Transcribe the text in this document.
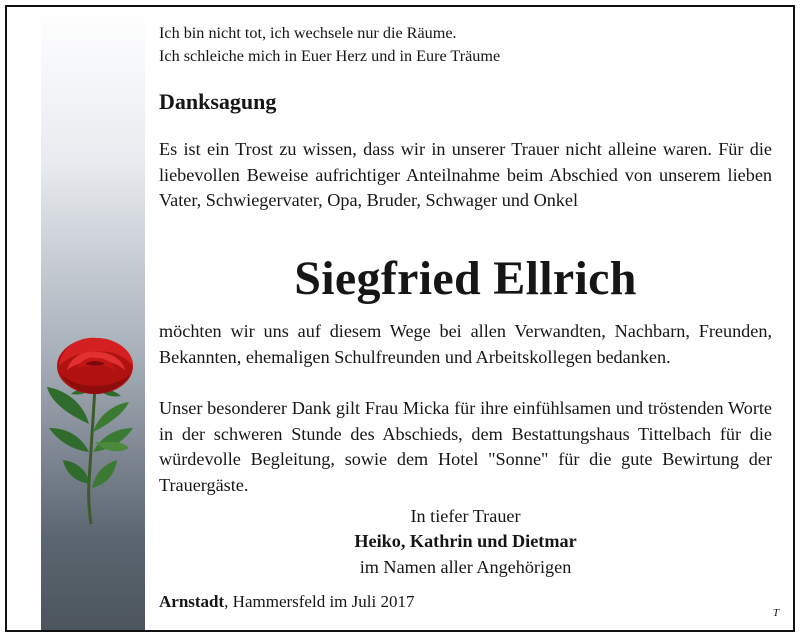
Ich bin nicht tot, ich wechsele nur die Räume.
Ich schleiche mich in Euer Herz und in Eure Träume
Danksagung
Es ist ein Trost zu wissen, dass wir in unserer Trauer nicht alleine waren. Für die liebevollen Beweise aufrichtiger Anteilnahme beim Abschied von unserem lieben Vater, Schwiegervater, Opa, Bruder, Schwager und Onkel
Siegfried Ellrich
möchten wir uns auf diesem Wege bei allen Verwandten, Nachbarn, Freunden, Bekannten, ehemaligen Schulfreunden und Arbeitskollegen bedanken.
Unser besonderer Dank gilt Frau Micka für ihre einfühlsamen und tröstenden Worte in der schweren Stunde des Abschieds, dem Bestattungshaus Tittelbach für die würdevolle Begleitung, sowie dem Hotel "Sonne" für die gute Bewirtung der Trauergäste.
In tiefer Trauer
Heiko, Kathrin und Dietmar
im Namen aller Angehörigen
Arnstadt, Hammersfeld im Juli 2017
T
